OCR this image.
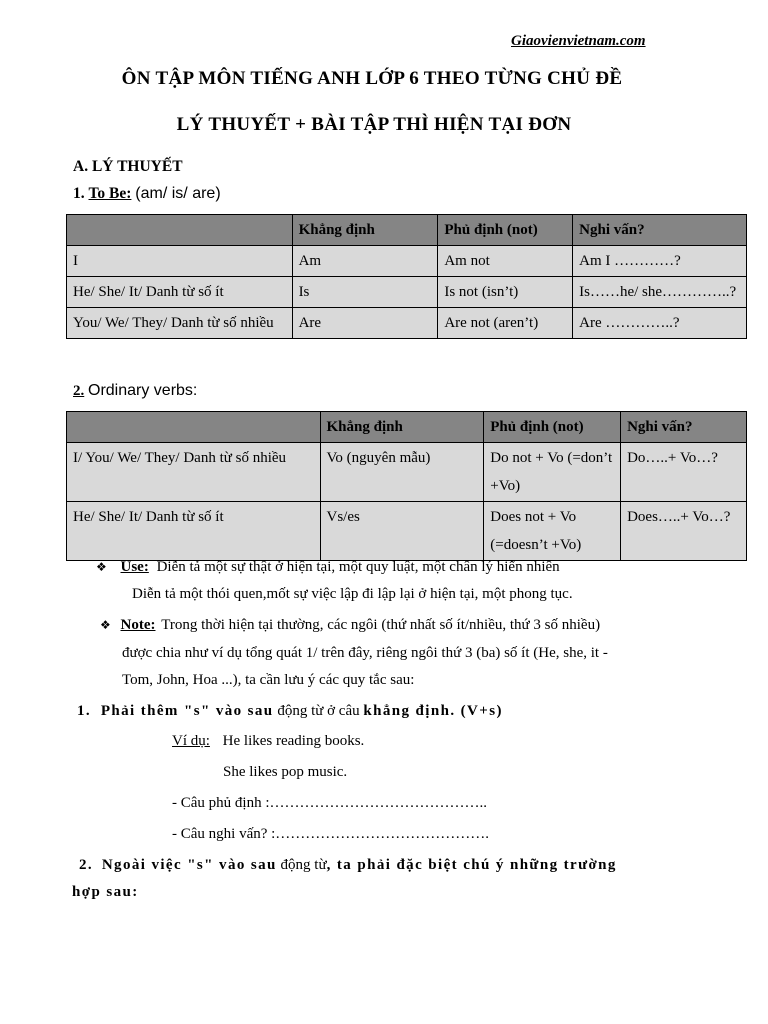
Giaovienvietnam.com
ÔN TẬP MÔN TIẾNG ANH LỚP 6 THEO TỪNG CHỦ ĐỀ
LÝ THUYẾT + BÀI TẬP THÌ HIỆN TẠI ĐƠN
A. LÝ THUYẾT
1. To Be: (am/ is/ are)
	Khẳng định	Phủ định (not)	Nghi vấn?
I	Am	Am not	Am I …………?
He/ She/ It/ Danh từ số ít	Is	Is not (isn’t)	Is……he/ she…………..?
You/ We/ They/ Danh từ số nhiều	Are	Are not (aren’t)	Are …………..?
2. Ordinary verbs:
	Khẳng định	Phủ định (not)	Nghi vấn?
I/ You/ We/ They/ Danh từ số nhiều	Vo (nguyên mẫu)	Do not + Vo (=don’t +Vo)	Do…..+ Vo…?
He/ She/ It/ Danh từ số ít	Vs/es	Does not + Vo (=doesn’t +Vo)	Does…..+ Vo…?
❖ Use: Diễn tả một sự thật ở hiện tại, một quy luật, một chân lý hiển nhiên
Diễn tả một thói quen,mốt sự việc lập đi lập lại ở hiện tại, một phong tục.
❖ Note: Trong thời hiện tại thường, các ngôi (thứ nhất số ít/nhiều, thứ 3 số nhiều)
được chia như ví dụ tổng quát 1/ trên đây, riêng ngôi thứ 3 (ba) số ít (He, she, it -
Tom, John, Hoa ...), ta cần lưu ý các quy tắc sau:
1. Phải thêm "s" vào sau động từ ở câu khẳng định. (V+s)
Ví dụ: He likes reading books.
She likes pop music.
- Câu phủ định :……………………………………..
- Câu nghi vấn? :…………………………………….
2. Ngoài việc "s" vào sau động từ, ta phải đặc biệt chú ý những trường
hợp sau:
